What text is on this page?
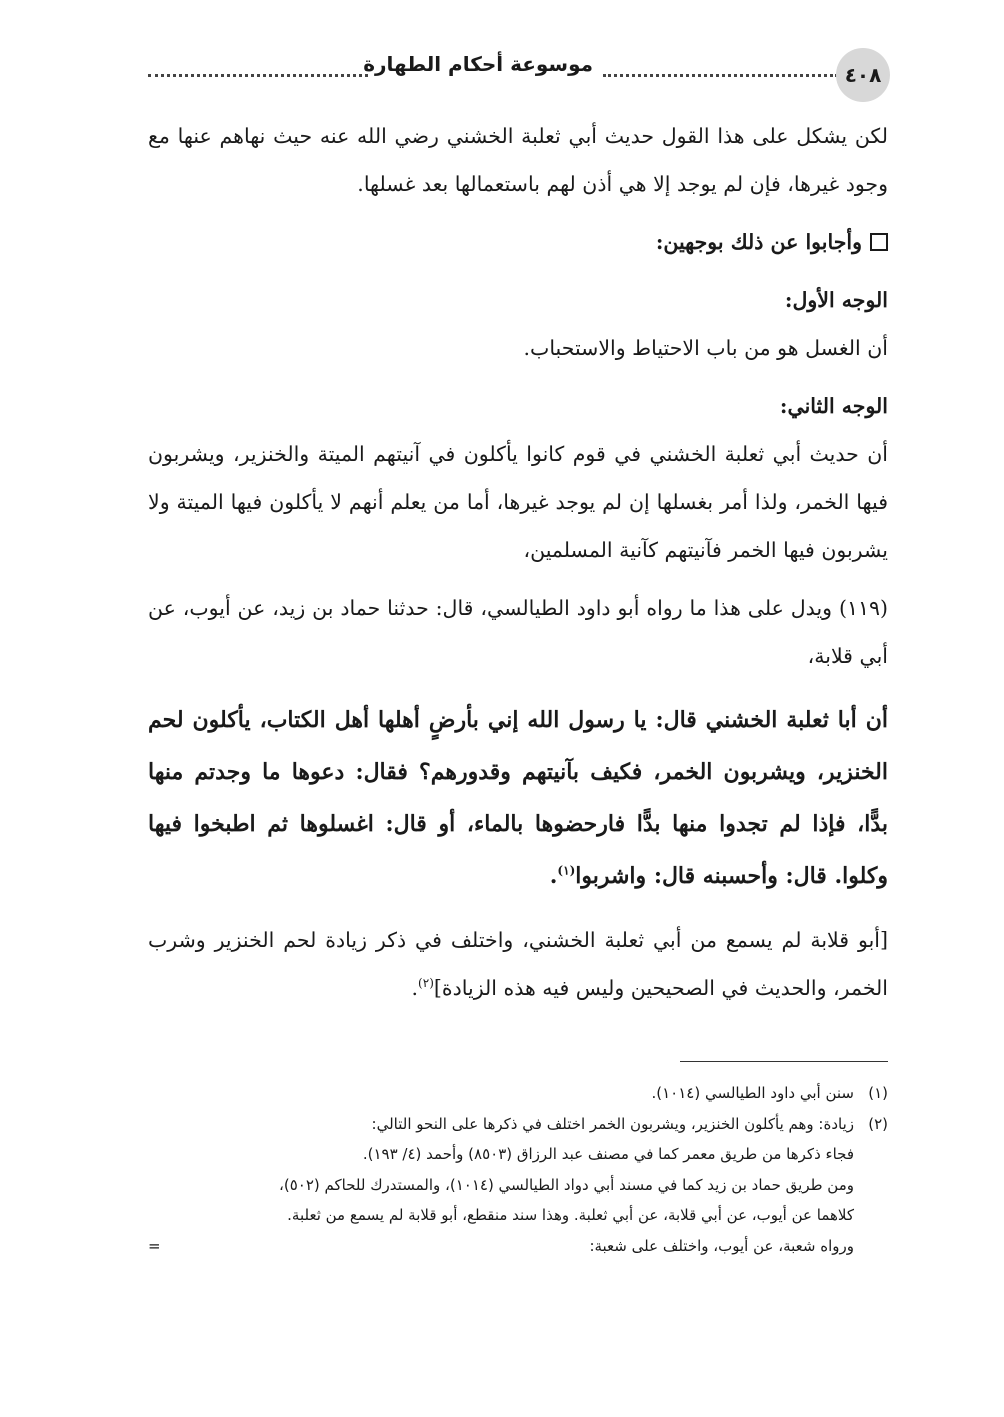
موسوعة أحكام الطهارة	٤٠٨

لكن يشكل على هذا القول حديث أبي ثعلبة الخشني رضي الله عنه حيث نهاهم عنها مع وجود غيرها، فإن لم يوجد إلا هي أذن لهم باستعمالها بعد غسلها.

وأجابوا عن ذلك بوجهين:

الوجه الأول:

أن الغسل هو من باب الاحتياط والاستحباب.

الوجه الثاني:

أن حديث أبي ثعلبة الخشني في قوم كانوا يأكلون في آنيتهم الميتة والخنزير، ويشربون فيها الخمر، ولذا أمر بغسلها إن لم يوجد غيرها، أما من يعلم أنهم لا يأكلون فيها الميتة ولا يشربون فيها الخمر فآنيتهم كآنية المسلمين،

(١١٩) ويدل على هذا ما رواه أبو داود الطيالسي، قال: حدثنا حماد بن زيد، عن أيوب، عن أبي قلابة،

أن أبا ثعلبة الخشني قال: يا رسول الله إني بأرضٍ أهلها أهل الكتاب، يأكلون لحم الخنزير، ويشربون الخمر، فكيف بآنيتهم وقدورهم؟ فقال: دعوها ما وجدتم منها بدًّا، فإذا لم تجدوا منها بدًّا فارحضوها بالماء، أو قال: اغسلوها ثم اطبخوا فيها وكلوا. قال: وأحسبنه قال: واشربوا$^{(١)}$.

[أبو قلابة لم يسمع من أبي ثعلبة الخشني، واختلف في ذكر زيادة لحم الخنزير وشرب الخمر، والحديث في الصحيحين وليس فيه هذه الزيادة]$^{(٢)}$.

(١)سنن أبي داود الطيالسي (١٠١٤).

(٢)زيادة: وهم يأكلون الخنزير، ويشربون الخمر اختلف في ذكرها على النحو التالي:

فجاء ذكرها من طريق معمر كما في مصنف عبد الرزاق (٨٥٠٣) وأحمد (٤/ ١٩٣).

ومن طريق حماد بن زيد كما في مسند أبي دواد الطيالسي (١٠١٤)، والمستدرك للحاكم (٥٠٢)،

كلاهما عن أيوب، عن أبي قلابة، عن أبي ثعلبة. وهذا سند منقطع، أبو قلابة لم يسمع من ثعلبة.

ورواه شعبة، عن أيوب، واختلف على شعبة:
=
